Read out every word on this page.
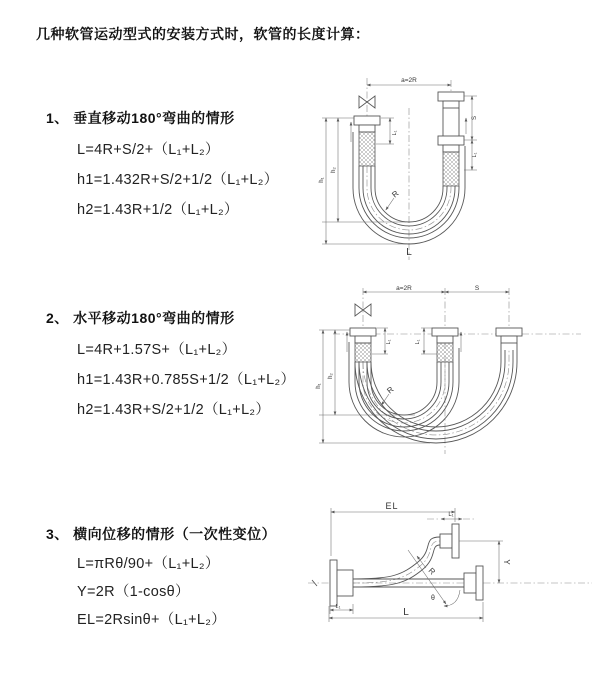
几种软管运动型式的安装方式时，软管的长度计算：
1、 垂直移动180°弯曲的情形
L=4R+S/2+（L₁+L₂）
h1=1.432R+S/2+1/2（L₁+L₂）
h2=1.43R+1/2（L₁+L₂）
2、 水平移动180°弯曲的情形
L=4R+1.57S+（L₁+L₂）
h1=1.43R+0.785S+1/2（L₁+L₂）
h2=1.43R+S/2+1/2（L₁+L₂）
3、 横向位移的情形（一次性变位）
L=πRθ/90+（L₁+L₂）
Y=2R（1-cosθ）
EL=2Rsinθ+（L₁+L₂）
a=2R
L₁
S
L₁
h₁
h₂
R
L
a=2R	S
L₁	L₁
h₁
h₂
R
θ
EL
L₁
Y
L₁	L
R
